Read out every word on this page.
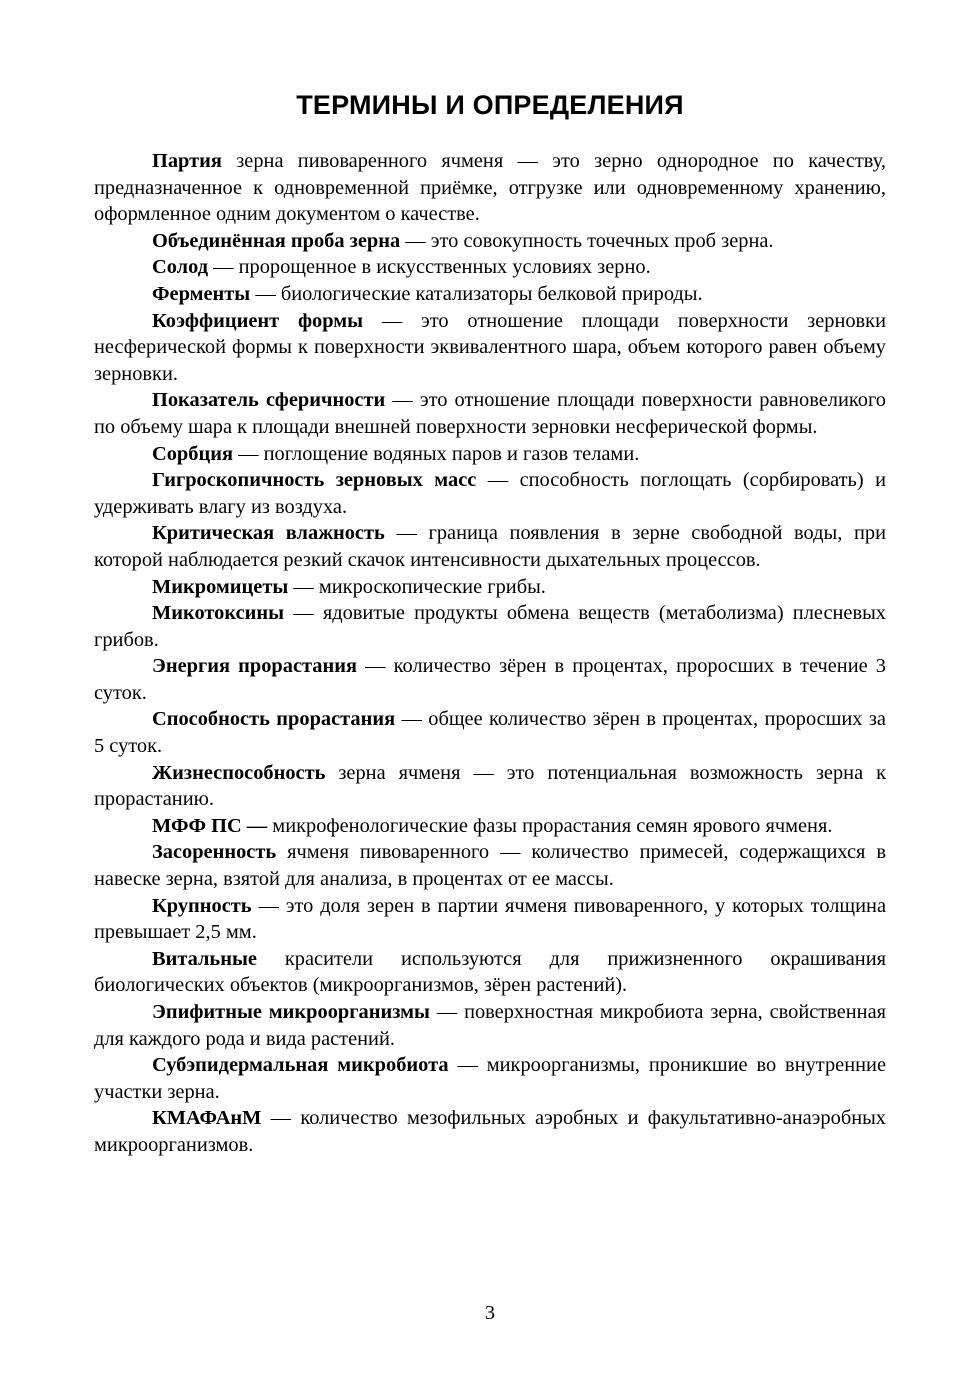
ТЕРМИНЫ И ОПРЕДЕЛЕНИЯ

Партия зерна пивоваренного ячменя — это зерно однородное по качеству, предназначенное к одновременной приёмке, отгрузке или одновременному хранению, оформленное одним документом о качестве.

Объединённая проба зерна — это совокупность точечных проб зерна.

Солод — пророщенное в искусственных условиях зерно.

Ферменты — биологические катализаторы белковой природы.

Коэффициент формы — это отношение площади поверхности зерновки несферической формы к поверхности эквивалентного шара, объем которого равен объему зерновки.

Показатель сферичности — это отношение площади поверхности равновеликого по объему шара к площади внешней поверхности зерновки несферической формы.

Сорбция — поглощение водяных паров и газов телами.

Гигроскопичность зерновых масс — способность поглощать (сорбировать) и удерживать влагу из воздуха.

Критическая влажность — граница появления в зерне свободной воды, при которой наблюдается резкий скачок интенсивности дыхательных процессов.

Микромицеты — микроскопические грибы.

Микотоксины — ядовитые продукты обмена веществ (метаболизма) плесневых грибов.

Энергия прорастания — количество зёрен в процентах, проросших в течение 3 суток.

Способность прорастания — общее количество зёрен в процентах, проросших за 5 суток.

Жизнеспособность зерна ячменя — это потенциальная возможность зерна к прорастанию.

МФФ ПС — микрофенологические фазы прорастания семян ярового ячменя.

Засоренность ячменя пивоваренного — количество примесей, содержащихся в навеске зерна, взятой для анализа, в процентах от ее массы.

Крупность — это доля зерен в партии ячменя пивоваренного, у которых толщина превышает 2,5 мм.

Витальные красители используются для прижизненного окрашивания биологических объектов (микроорганизмов, зёрен растений).

Эпифитные микроорганизмы — поверхностная микробиота зерна, свойственная для каждого рода и вида растений.

Субэпидермальная микробиота — микроорганизмы, проникшие во внутренние участки зерна.

КМАФАнМ — количество мезофильных аэробных и факультативно-анаэробных микроорганизмов.

3
